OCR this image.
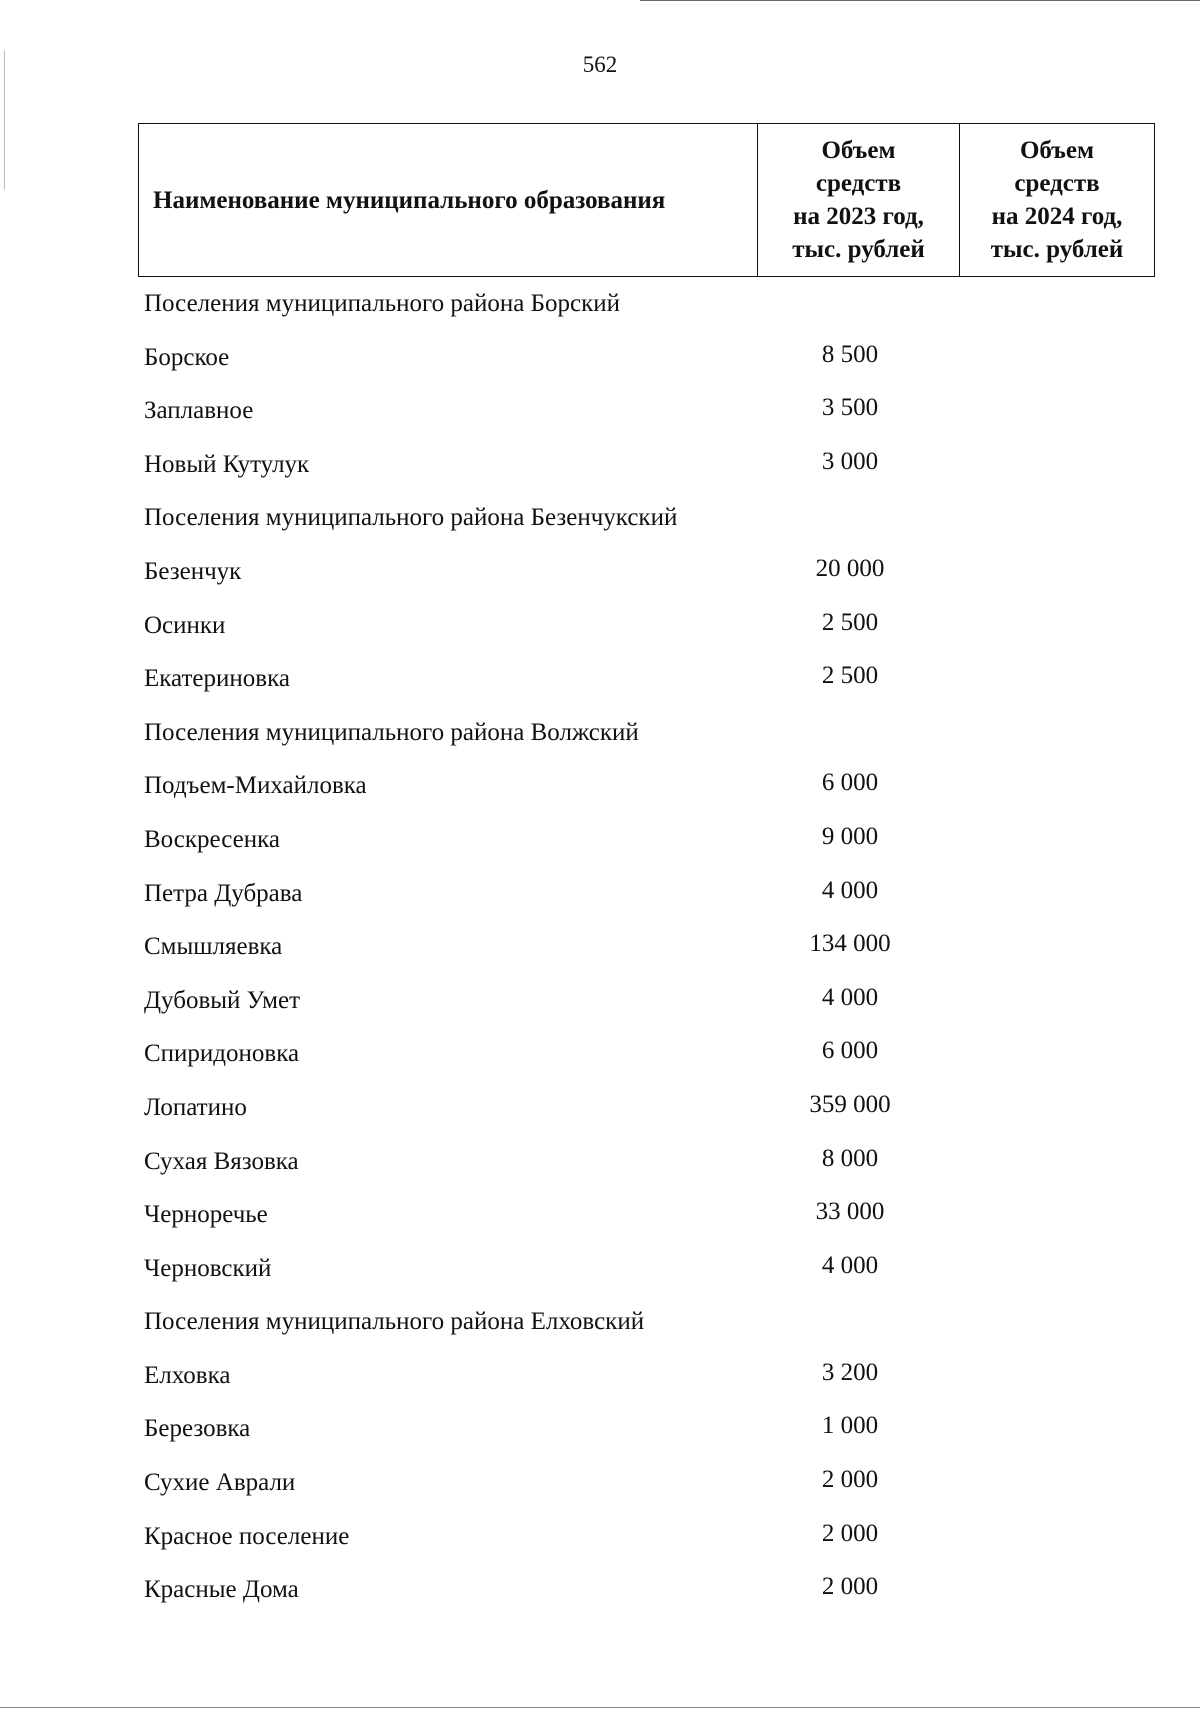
562
Наименование муниципального образования	Объем
средств
на 2023 год,
тыс. рублей	Объем
средств
на 2024 год,
тыс. рублей
Поселения муниципального района Борский
Борское	8 500
Заплавное	3 500
Новый Кутулук	3 000
Поселения муниципального района Безенчукский
Безенчук	20 000
Осинки	2 500
Екатериновка	2 500
Поселения муниципального района Волжский
Подъем-Михайловка	6 000
Воскресенка	9 000
Петра Дубрава	4 000
Смышляевка	134 000
Дубовый Умет	4 000
Спиридоновка	6 000
Лопатино	359 000
Сухая Вязовка	8 000
Черноречье	33 000
Черновский	4 000
Поселения муниципального района Елховский
Елховка	3 200
Березовка	1 000
Сухие Аврали	2 000
Красное поселение	2 000
Красные Дома	2 000
